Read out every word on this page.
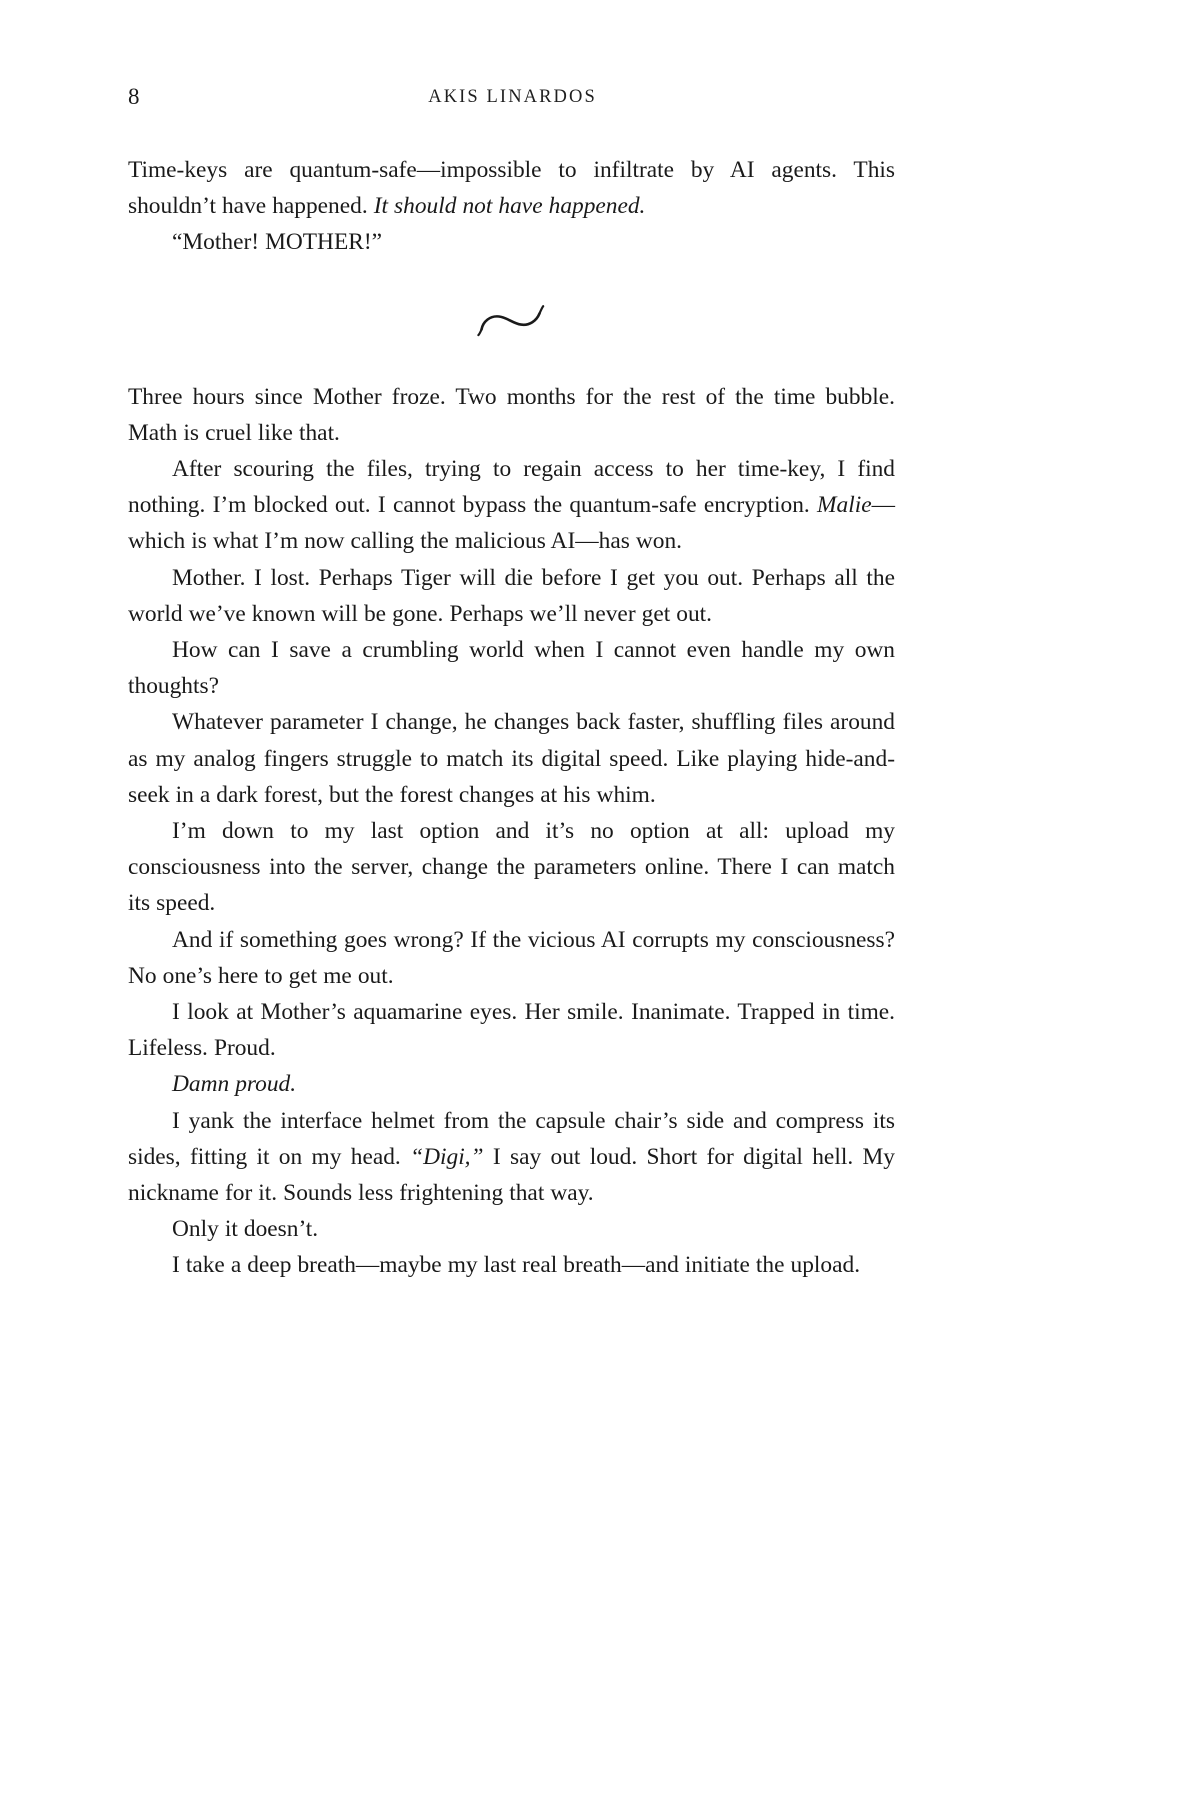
8	AKIS LINARDOS

Time-keys are quantum-safe—impossible to infiltrate by AI agents. This shouldn’t have happened. It should not have happened.

“Mother! MOTHER!”

Three hours since Mother froze. Two months for the rest of the time bubble. Math is cruel like that.

After scouring the files, trying to regain access to her time-key, I find nothing. I’m blocked out. I cannot bypass the quantum-safe encryption. Malie—which is what I’m now calling the malicious AI—has won.

Mother. I lost. Perhaps Tiger will die before I get you out. Perhaps all the world we’ve known will be gone. Perhaps we’ll never get out.

How can I save a crumbling world when I cannot even handle my own thoughts?

Whatever parameter I change, he changes back faster, shuffling files around as my analog fingers struggle to match its digital speed. Like playing hide-and-seek in a dark forest, but the forest changes at his whim.

I’m down to my last option and it’s no option at all: upload my consciousness into the server, change the parameters online. There I can match its speed.

And if something goes wrong? If the vicious AI corrupts my consciousness? No one’s here to get me out.

I look at Mother’s aquamarine eyes. Her smile. Inanimate. Trapped in time. Lifeless. Proud.

Damn proud.

I yank the interface helmet from the capsule chair’s side and compress its sides, fitting it on my head. “Digi,” I say out loud. Short for digital hell. My nickname for it. Sounds less frightening that way.

Only it doesn’t.

I take a deep breath—maybe my last real breath—and initiate the upload.
